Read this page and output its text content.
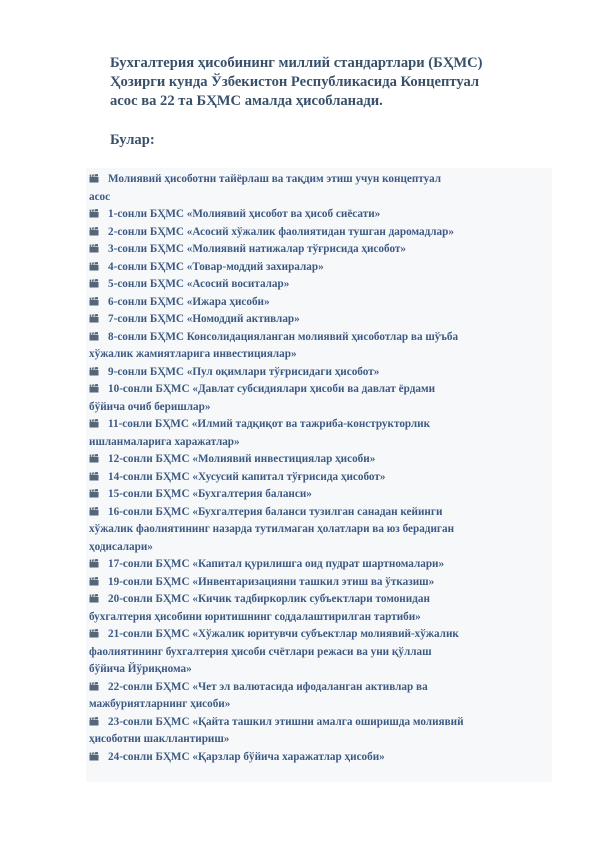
Бухгалтерия ҳисобининг миллий стандартлари (БҲМС)

Ҳозирги кунда Ўзбекистон Республикасида Концептуал

асос ва 22 та БҲМС амалда ҳисобланади.

Булар:
Молиявий ҳисоботни тайёрлаш ва тақдим этиш учун концептуал
асос
1-сонли БҲМС «Молиявий ҳисобот ва ҳисоб сиёсати»
2-сонли БҲМС «Асосий хўжалик фаолиятидан тушган даромадлар»
3-сонли БҲМС «Молиявий натижалар тўғрисида ҳисобот»
4-сонли БҲМС «Товар-моддий захиралар»
5-сонли БҲМС «Асосий воситалар»
6-сонли БҲМС «Ижара ҳисоби»
7-сонли БҲМС «Номоддий активлар»
8-сонли БҲМС Консолидацияланган молиявий ҳисоботлар ва шўъба
хўжалик жамиятларига инвестициялар»
9-сонли БҲМС «Пул оқимлари тўғрисидаги ҳисобот»
10-сонли БҲМС «Давлат субсидиялари ҳисоби ва давлат ёрдами
бўйича очиб беришлар»
11-сонли БҲМС «Илмий тадқиқот ва тажриба-конструкторлик
ишланмаларига харажатлар»
12-сонли БҲМС «Молиявий инвестициялар ҳисоби»
14-сонли БҲМС «Хусусий капитал тўғрисида ҳисобот»
15-сонли БҲМС «Бухгалтерия баланси»
16-сонли БҲМС «Бухгалтерия баланси тузилган санадан кейинги
хўжалик фаолиятининг назарда тутилмаган ҳолатлари ва юз берадиган
ҳодисалари»
17-сонли БҲМС «Капитал қурилишга оид пудрат шартномалари»
19-сонли БҲМС «Инвентаризацияни ташкил этиш ва ўтказиш»
20-сонли БҲМС «Кичик тадбиркорлик субъектлари томонидан
бухгалтерия ҳисобини юритишнинг соддалаштирилган тартиби»
21-сонли БҲМС «Хўжалик юритувчи субъектлар молиявий-хўжалик
фаолиятининг бухгалтерия ҳисоби счётлари режаси ва уни қўллаш
бўйича Йўриқнома»
22-сонли БҲМС «Чет эл валютасида ифодаланган активлар ва
мажбуриятларнинг ҳисоби»
23-сонли БҲМС «Қайта ташкил этишни амалга оширишда молиявий
ҳисоботни шакллантириш»
24-сонли БҲМС «Қарзлар бўйича харажатлар ҳисоби»
